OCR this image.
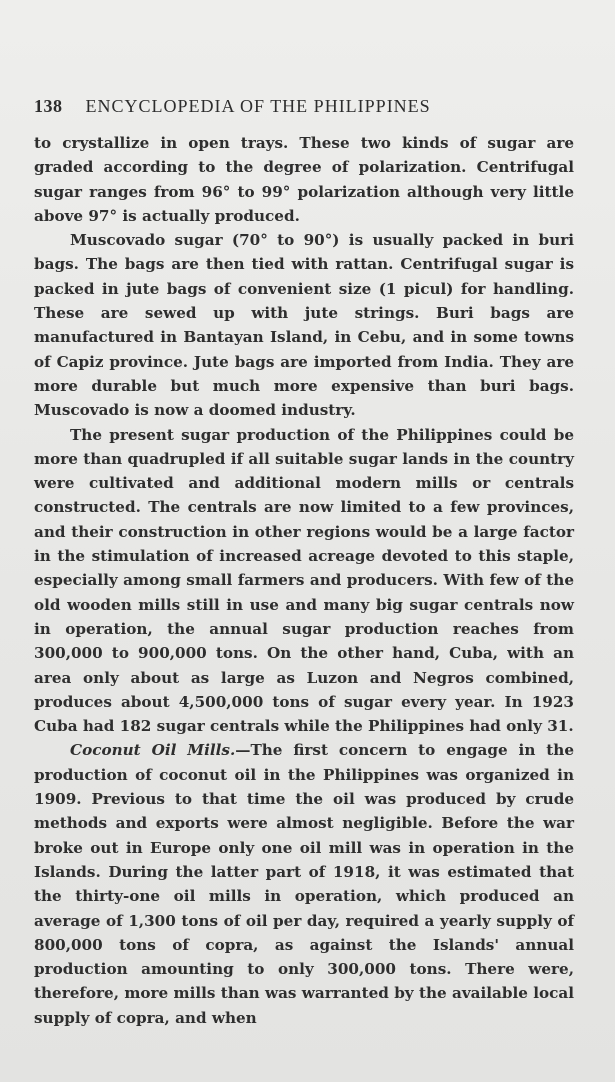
138 ENCYCLOPEDIA OF THE PHILIPPINES

to crystallize in open trays. These two kinds of sugar are graded according to the degree of polarization. Centrifugal sugar ranges from 96° to 99° polarization although very little above 97° is actually produced.

Muscovado sugar (70° to 90°) is usually packed in buri bags. The bags are then tied with rattan. Centrifugal sugar is packed in jute bags of convenient size (1 picul) for handling. These are sewed up with jute strings. Buri bags are manufactured in Bantayan Island, in Cebu, and in some towns of Capiz province. Jute bags are imported from India. They are more durable but much more expensive than buri bags. Muscovado is now a doomed industry.

The present sugar production of the Philippines could be more than quadrupled if all suitable sugar lands in the country were cultivated and additional modern mills or centrals constructed. The centrals are now limited to a few provinces, and their construction in other regions would be a large factor in the stimulation of increased acreage devoted to this staple, especially among small farmers and producers. With few of the old wooden mills still in use and many big sugar centrals now in operation, the annual sugar production reaches from 300,000 to 900,000 tons. On the other hand, Cuba, with an area only about as large as Luzon and Negros combined, produces about 4,500,000 tons of sugar every year. In 1923 Cuba had 182 sugar centrals while the Philippines had only 31.

Coconut Oil Mills.—The first concern to engage in the production of coconut oil in the Philippines was organized in 1909. Previous to that time the oil was produced by crude methods and exports were almost negligible. Before the war broke out in Europe only one oil mill was in operation in the Islands. During the latter part of 1918, it was estimated that the thirty-one oil mills in operation, which produced an average of 1,300 tons of oil per day, required a yearly supply of 800,000 tons of copra, as against the Islands' annual production amounting to only 300,000 tons. There were, therefore, more mills than was warranted by the available local supply of copra, and when
